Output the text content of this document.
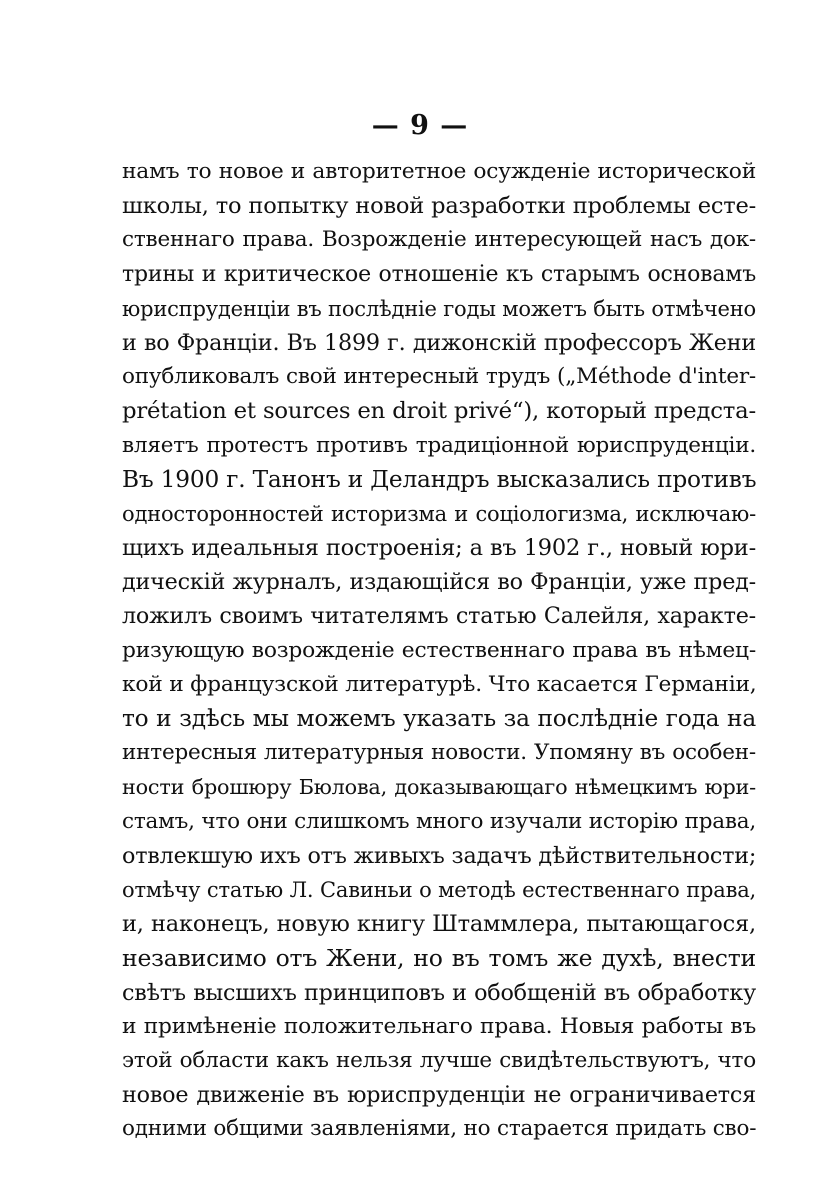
— 9 —
намъ то новое и авторитетное осужденіе исторической
школы, то попытку новой разработки проблемы есте-
ственнаго права. Возрожденіе интересующей насъ док-
трины и критическое отношеніе къ старымъ основамъ
юриспруденціи въ послѣдніе годы можетъ быть отмѣчено
и во Франціи. Въ 1899 г. дижонскій профессоръ Жени
опубликовалъ свой интересный трудъ („Méthode d'inter-
prétation et sources en droit privé“), который предста-
вляетъ протестъ противъ традиціонной юриспруденціи.
Въ 1900 г. Танонъ и Деландръ высказались противъ
односторонностей историзма и соціологизма, исключаю-
щихъ идеальныя построенія; а въ 1902 г., новый юри-
дическій журналъ, издающійся во Франціи, уже пред-
ложилъ своимъ читателямъ статью Салейля, характе-
ризующую возрожденіе естественнаго права въ нѣмец-
кой и французской литературѣ. Что касается Германіи,
то и здѣсь мы можемъ указать за послѣдніе года на
интересныя литературныя новости. Упомяну въ особен-
ности брошюру Бюлова, доказывающаго нѣмецкимъ юри-
стамъ, что они слишкомъ много изучали исторію права,
отвлекшую ихъ отъ живыхъ задачъ дѣйствительности;
отмѣчу статью Л. Савиньи о методѣ естественнаго права,
и, наконецъ, новую книгу Штаммлера, пытающагося,
независимо отъ Жени, но въ томъ же духѣ, внести
свѣтъ высшихъ принциповъ и обобщеній въ обработку
и примѣненіе положительнаго права. Новыя работы въ
этой области какъ нельзя лучше свидѣтельствуютъ, что
новое движеніе въ юриспруденціи не ограничивается
одними общими заявленіями, но старается придать сво-
